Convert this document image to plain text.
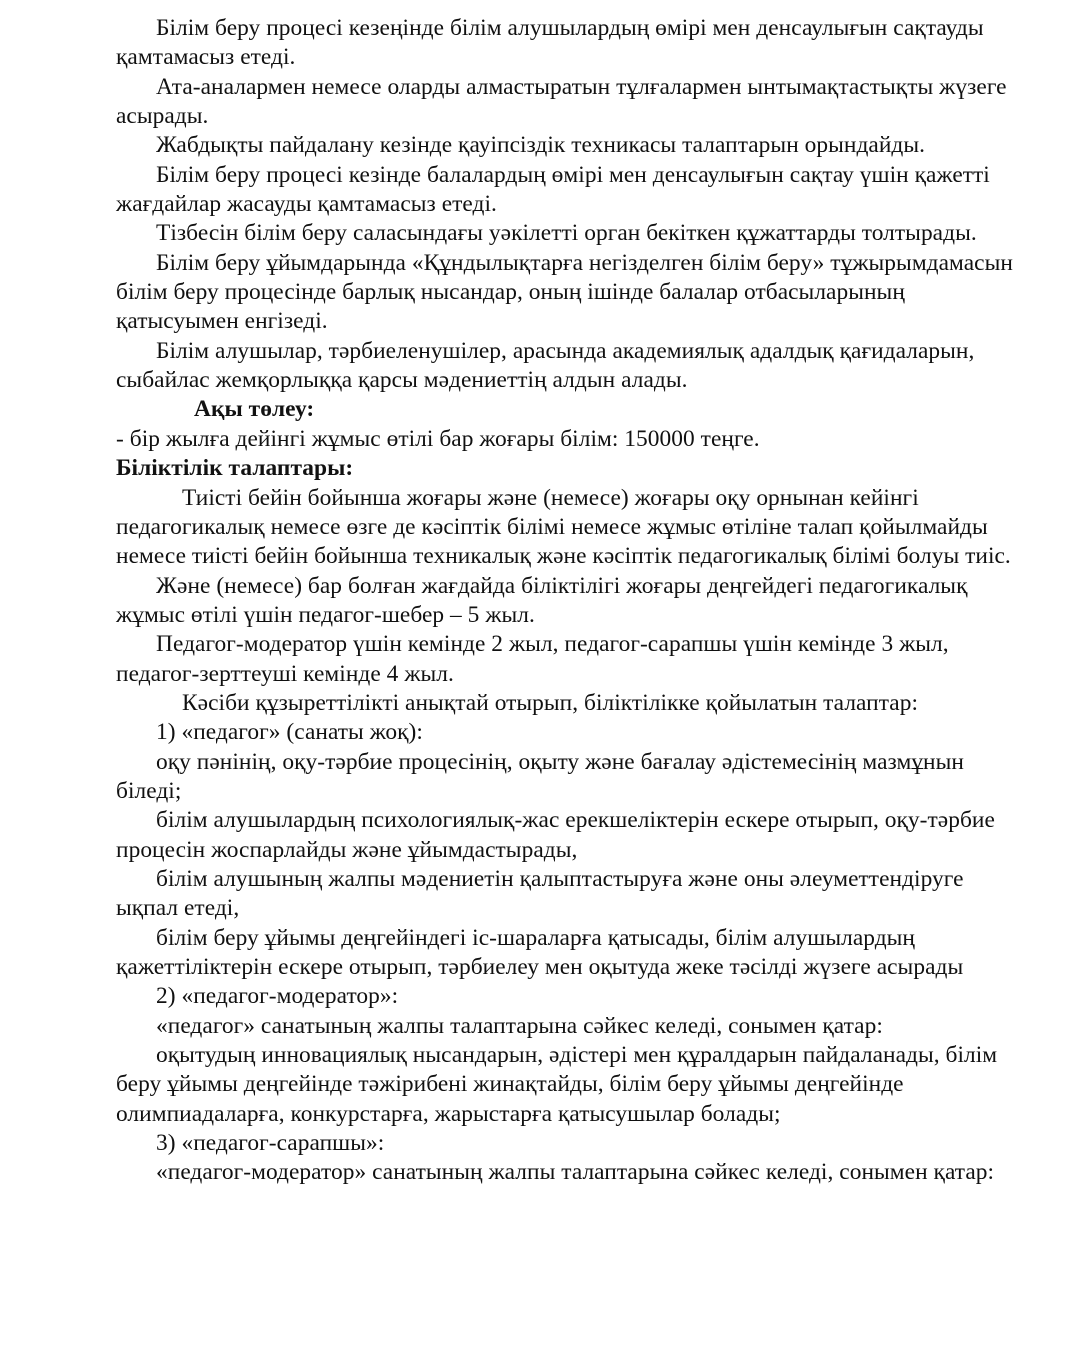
Білім беру процесі кезеңінде білім алушылардың өмірі мен денсаулығын сақтауды қамтамасыз етеді.

Ата-аналармен немесе оларды алмастыратын тұлғалармен ынтымақтастықты жүзеге асырады.

Жабдықты пайдалану кезінде қауіпсіздік техникасы талаптарын орындайды.

Білім беру процесі кезінде балалардың өмірі мен денсаулығын сақтау үшін қажетті жағдайлар жасауды қамтамасыз етеді.

Тізбесін білім беру саласындағы уәкілетті орган бекіткен құжаттарды толтырады.

Білім беру ұйымдарында «Құндылықтарға негізделген білім беру» тұжырымдамасын білім беру процесінде барлық нысандар, оның ішінде балалар отбасыларының қатысуымен енгізеді.

Білім алушылар, тәрбиеленушілер, арасында академиялық адалдық қағидаларын, сыбайлас жемқорлыққа қарсы мәдениеттің алдын алады.

Ақы төлеу:

- бір жылға дейінгі жұмыс өтілі бар жоғары білім: 150000 теңге.

Біліктілік талаптары:

Тиісті бейін бойынша жоғары және (немесе) жоғары оқу орнынан кейінгі педагогикалық немесе өзге де кәсіптік білімі немесе жұмыс өтіліне талап қойылмайды немесе тиісті бейін бойынша техникалық және кәсіптік педагогикалық білімі болуы тиіс.

Және (немесе) бар болған жағдайда біліктілігі жоғары деңгейдегі педагогикалық жұмыс өтілі үшін педагог-шебер – 5 жыл.

Педагог-модератор үшін кемінде 2 жыл, педагог-сарапшы үшін кемінде 3 жыл, педагог-зерттеуші кемінде 4 жыл.

Кәсіби құзыреттілікті анықтай отырып, біліктілікке қойылатын талаптар:

1) «педагог» (санаты жоқ):

оқу пәнінің, оқу-тәрбие процесінің, оқыту және бағалау әдістемесінің мазмұнын біледі;

білім алушылардың психологиялық-жас ерекшеліктерін ескере отырып, оқу-тәрбие процесін жоспарлайды және ұйымдастырады,

білім алушының жалпы мәдениетін қалыптастыруға және оны әлеуметтендіруге ықпал етеді,

білім беру ұйымы деңгейіндегі іс-шараларға қатысады, білім алушылардың қажеттіліктерін ескере отырып, тәрбиелеу мен оқытуда жеке тәсілді жүзеге асырады

2) «педагог-модератор»:

«педагог» санатының жалпы талаптарына сәйкес келеді, сонымен қатар:

оқытудың инновациялық нысандарын, әдістері мен құралдарын пайдаланады, білім беру ұйымы деңгейінде тәжірибені жинақтайды, білім беру ұйымы деңгейінде олимпиадаларға, конкурстарға, жарыстарға қатысушылар болады;

3) «педагог-сарапшы»:

«педагог-модератор» санатының жалпы талаптарына сәйкес келеді, сонымен қатар:
